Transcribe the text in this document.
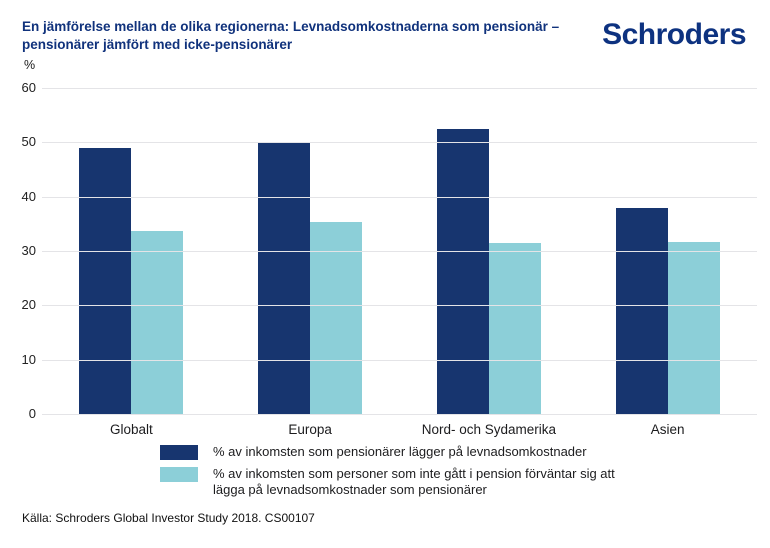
En jämförelse mellan de olika regionerna: Levnadsomkostnaderna som pensionär – pensionärer jämfört med icke-pensionärer	Schroders
%
0
10
20
30
40
50
60
Globalt	Europa	Nord- och Sydamerika	Asien
% av inkomsten som pensionärer lägger på levnadsomkostnader
% av inkomsten som personer som inte gått i pension förväntar sig att lägga på levnadsomkostnader som pensionärer
Källa: Schroders Global Investor Study 2018. CS00107
